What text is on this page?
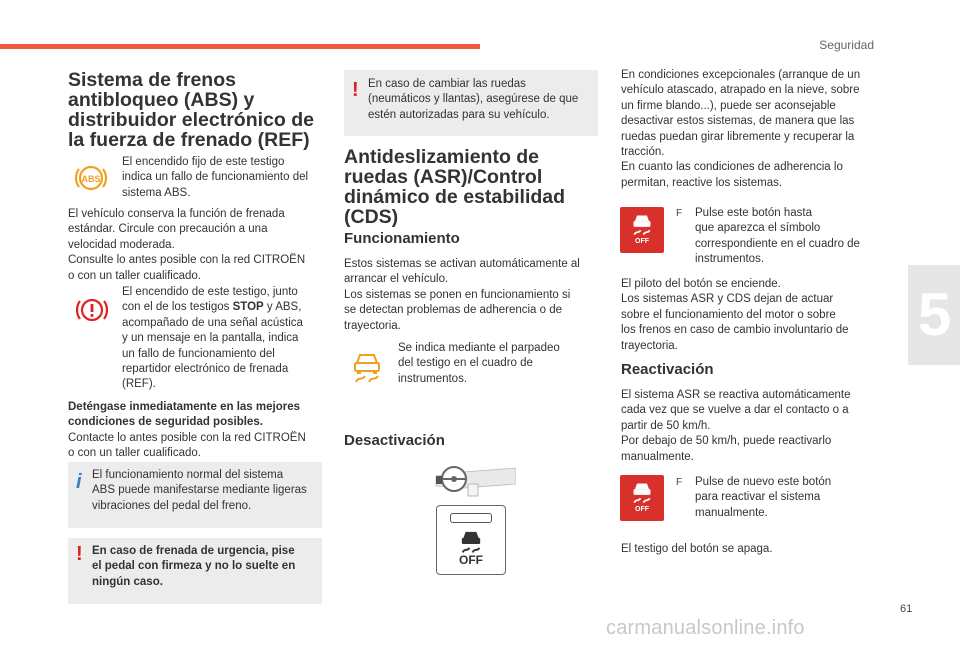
Seguridad
5

Sistema de frenos

antibloqueo (ABS) y

distribuidor electrónico de

la fuerza de frenado (REF)

ABS

El encendido fijo de este testigo

indica un fallo de funcionamiento del

sistema ABS.

El vehículo conserva la función de frenada

estándar. Circule con precaución a una

velocidad moderada.

Consulte lo antes posible con la red CITROËN

o con un taller cualificado.

El encendido de este testigo, junto

con el de los testigos STOP y ABS,

acompañado de una señal acústica

y un mensaje en la pantalla, indica

un fallo de funcionamiento del

repartidor electrónico de frenada

(REF).

Deténgase inmediatamente en las mejores

condiciones de seguridad posibles.

Contacte lo antes posible con la red CITROËN

o con un taller cualificado.

i El funcionamiento normal del sistema

ABS puede manifestarse mediante ligeras

vibraciones del pedal del freno.

! En caso de frenada de urgencia, pise

el pedal con firmeza y no lo suelte en

ningún caso.

! En caso de cambiar las ruedas

(neumáticos y llantas), asegúrese de que

estén autorizadas para su vehículo.

Antideslizamiento de

ruedas (ASR)/Control

dinámico de estabilidad

(CDS)

Funcionamiento

Estos sistemas se activan automáticamente al

arrancar el vehículo.

Los sistemas se ponen en funcionamiento si

se detectan problemas de adherencia o de

trayectoria.

Se indica mediante el parpadeo

del testigo en el cuadro de

instrumentos.

Desactivación
OFF

En condiciones excepcionales (arranque de un

vehículo atascado, atrapado en la nieve, sobre

un firme blando...), puede ser aconsejable

desactivar estos sistemas, de manera que las

ruedas puedan girar libremente y recuperar la

tracción.

En cuanto las condiciones de adherencia lo

permitan, reactive los sistemas.

OFF
F Pulse este botón hasta

que aparezca el símbolo

correspondiente en el cuadro de

instrumentos.

El piloto del botón se enciende.

Los sistemas ASR y CDS dejan de actuar

sobre el funcionamiento del motor o sobre

los frenos en caso de cambio involuntario de

trayectoria.

Reactivación

El sistema ASR se reactiva automáticamente

cada vez que se vuelve a dar el contacto o a

partir de 50 km/h.

Por debajo de 50 km/h, puede reactivarlo

manualmente.

OFF
F Pulse de nuevo este botón

para reactivar el sistema

manualmente.

El testigo del botón se apaga.
61
carmanualsonline.info
